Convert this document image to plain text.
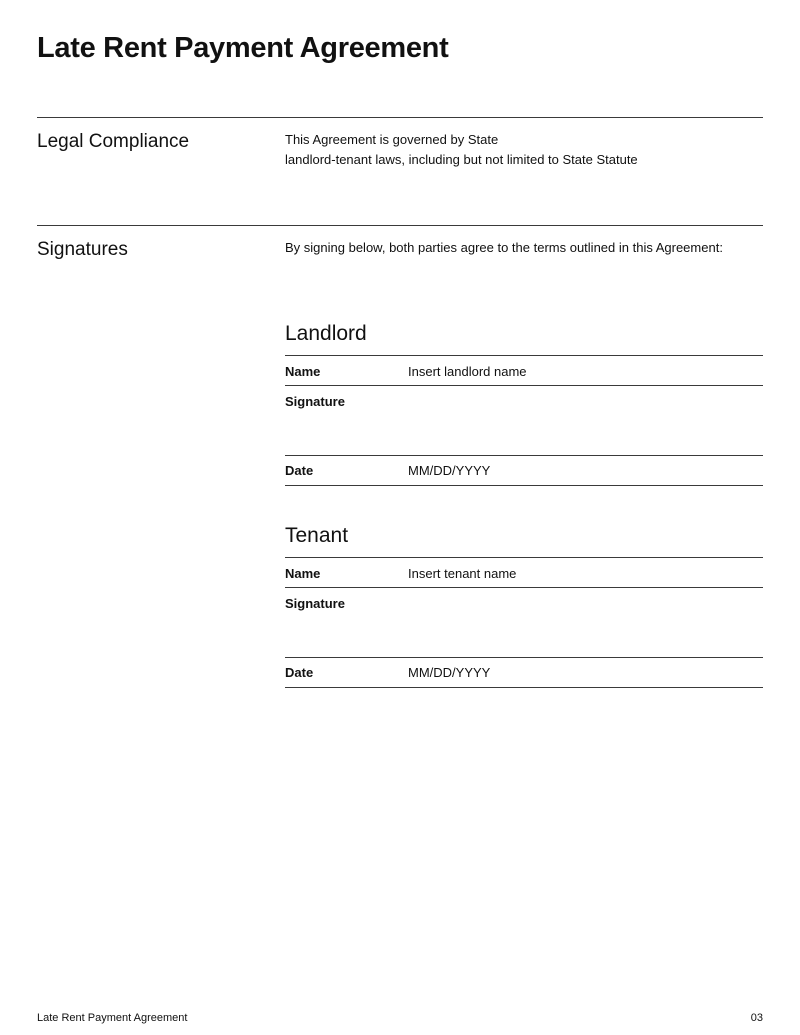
Late Rent Payment Agreement
Legal Compliance	This Agreement is governed by State

landlord-tenant laws, including but not limited to State Statute

Signatures	By signing below, both parties agree to the terms outlined in this Agreement:

Landlord
Name	Insert landlord name
Signature
Date	MM/DD/YYYY
Tenant
Name	Insert tenant name
Signature
Date	MM/DD/YYYY
Late Rent Payment Agreement	03
